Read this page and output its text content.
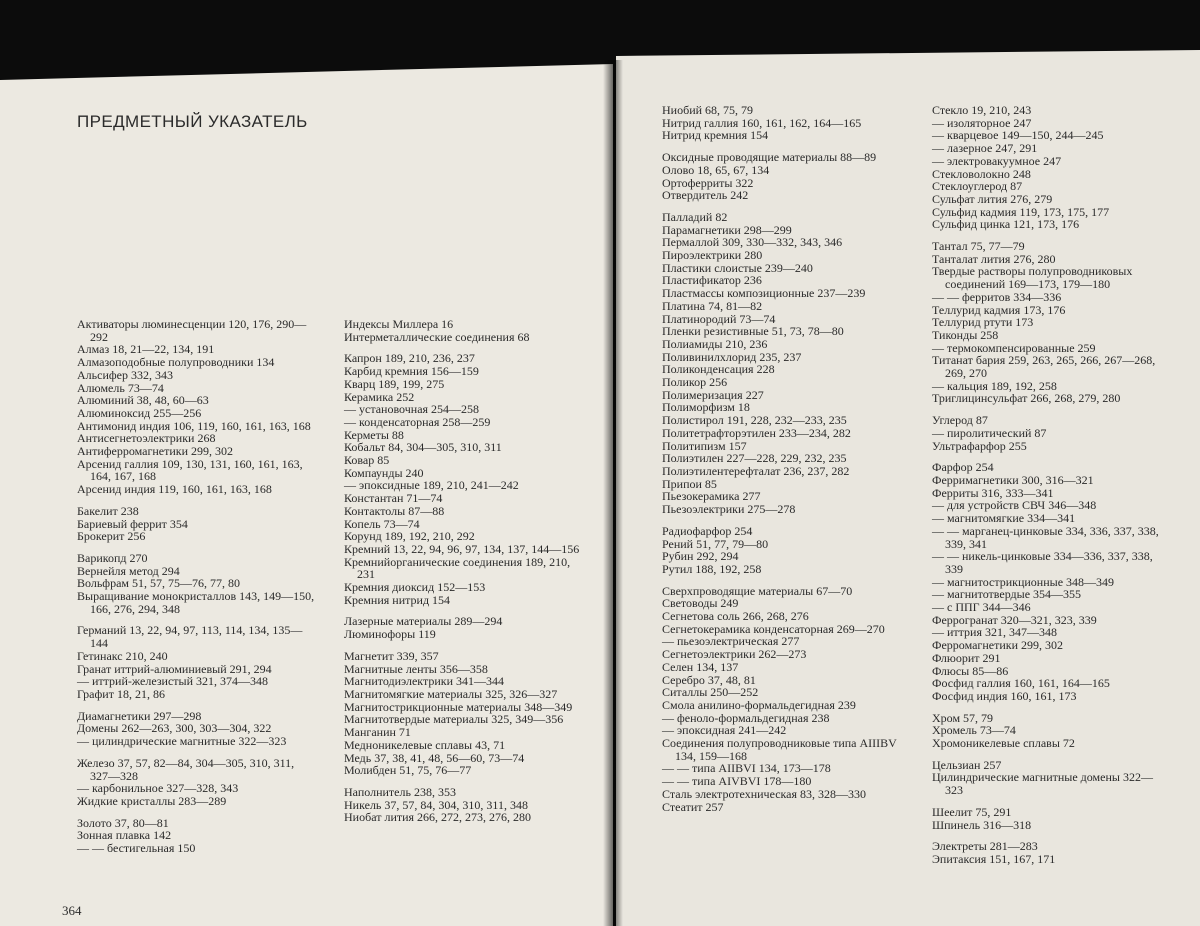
ПРЕДМЕТНЫЙ УКАЗАТЕЛЬ

Активаторы люминесценции 120, 176, 290—292

Алмаз 18, 21—22, 134, 191

Алмазоподобные полупроводники 134

Альсифер 332, 343

Алюмель 73—74

Алюминий 38, 48, 60—63

Алюминоксид 255—256

Антимонид индия 106, 119, 160, 161, 163, 168

Антисегнетоэлектрики 268

Антиферромагнетики 299, 302

Арсенид галлия 109, 130, 131, 160, 161, 163, 164, 167, 168

Арсенид индия 119, 160, 161, 163, 168

Бакелит 238

Бариевый феррит 354

Брокерит 256

Варикопд 270

Вернейля метод 294

Вольфрам 51, 57, 75—76, 77, 80

Выращивание монокристаллов 143, 149—150, 166, 276, 294, 348

Германий 13, 22, 94, 97, 113, 114, 134, 135—144

Гетинакс 210, 240

Гранат иттрий-алюминиевый 291, 294

— иттрий-железистый 321, 374—348

Графит 18, 21, 86

Диамагнетики 297—298

Домены 262—263, 300, 303—304, 322

— цилиндрические магнитные 322—323

Железо 37, 57, 82—84, 304—305, 310, 311, 327—328

— карбонильное 327—328, 343

Жидкие кристаллы 283—289

Золото 37, 80—81

Зонная плавка 142

— — бестигельная 150

Индексы Миллера 16

Интерметаллические соединения 68

Капрон 189, 210, 236, 237

Карбид кремния 156—159

Кварц 189, 199, 275

Керамика 252

— установочная 254—258

— конденсаторная 258—259

Керметы 88

Кобальт 84, 304—305, 310, 311

Ковар 85

Компаунды 240

— эпоксидные 189, 210, 241—242

Константан 71—74

Контактолы 87—88

Копель 73—74

Корунд 189, 192, 210, 292

Кремний 13, 22, 94, 96, 97, 134, 137, 144—156

Кремнийорганические соединения 189, 210, 231

Кремния диоксид 152—153

Кремния нитрид 154

Лазерные материалы 289—294

Люминофоры 119

Магнетит 339, 357

Магнитные ленты 356—358

Магнитодиэлектрики 341—344

Магнитомягкие материалы 325, 326—327

Магнитострикционные материалы 348—349

Магнитотвердые материалы 325, 349—356

Манганин 71

Медноникелевые сплавы 43, 71

Медь 37, 38, 41, 48, 56—60, 73—74

Молибден 51, 75, 76—77

Наполнитель 238, 353

Никель 37, 57, 84, 304, 310, 311, 348

Ниобат лития 266, 272, 273, 276, 280

Ниобий 68, 75, 79

Нитрид галлия 160, 161, 162, 164—165

Нитрид кремния 154

Оксидные проводящие материалы 88—89

Олово 18, 65, 67, 134

Ортоферриты 322

Отвердитель 242

Палладий 82

Парамагнетики 298—299

Пермаллой 309, 330—332, 343, 346

Пироэлектрики 280

Пластики слоистые 239—240

Пластификатор 236

Пластмассы композиционные 237—239

Платина 74, 81—82

Платинородий 73—74

Пленки резистивные 51, 73, 78—80

Полиамиды 210, 236

Поливинилхлорид 235, 237

Поликонденсация 228

Поликор 256

Полимеризация 227

Полиморфизм 18

Полистирол 191, 228, 232—233, 235

Политетрафторэтилен 233—234, 282

Политипизм 157

Полиэтилен 227—228, 229, 232, 235

Полиэтилентерефталат 236, 237, 282

Припои 85

Пьезокерамика 277

Пьезоэлектрики 275—278

Радиофарфор 254

Рений 51, 77, 79—80

Рубин 292, 294

Рутил 188, 192, 258

Сверхпроводящие материалы 67—70

Световоды 249

Сегнетова соль 266, 268, 276

Сегнетокерамика конденсаторная 269—270

— пьезоэлектрическая 277

Сегнетоэлектрики 262—273

Селен 134, 137

Серебро 37, 48, 81

Ситаллы 250—252

Смола анилино-формальдегидная 239

— феноло-формальдегидная 238

— эпоксидная 241—242

Соединения полупроводниковые типа AIIIBV 134, 159—168

— — типа AIIBVI 134, 173—178

— — типа AIVBVI 178—180

Сталь электротехническая 83, 328—330

Стеатит 257

Стекло 19, 210, 243

— изоляторное 247

— кварцевое 149—150, 244—245

— лазерное 247, 291

— электровакуумное 247

Стекловолокно 248

Стеклоуглерод 87

Сульфат лития 276, 279

Сульфид кадмия 119, 173, 175, 177

Сульфид цинка 121, 173, 176

Тантал 75, 77—79

Танталат лития 276, 280

Твердые растворы полупроводниковых соединений 169—173, 179—180

— — ферритов 334—336

Теллурид кадмия 173, 176

Теллурид ртути 173

Тиконды 258

— термокомпенсированные 259

Титанат бария 259, 263, 265, 266, 267—268, 269, 270

— кальция 189, 192, 258

Триглицинсульфат 266, 268, 279, 280

Углерод 87

— пиролитический 87

Ультрафарфор 255

Фарфор 254

Ферримагнетики 300, 316—321

Ферриты 316, 333—341

— для устройств СВЧ 346—348

— магнитомягкие 334—341

— — марганец-цинковые 334, 336, 337, 338, 339, 341

— — никель-цинковые 334—336, 337, 338, 339

— магнитострикционные 348—349

— магнитотвердые 354—355

— с ППГ 344—346

Феррогранат 320—321, 323, 339

— иттрия 321, 347—348

Ферромагнетики 299, 302

Флюорит 291

Флюсы 85—86

Фосфид галлия 160, 161, 164—165

Фосфид индия 160, 161, 173

Хром 57, 79

Хромель 73—74

Хромоникелевые сплавы 72

Цельзиан 257

Цилиндрические магнитные домены 322—323

Шеелит 75, 291

Шпинель 316—318

Электреты 281—283

Эпитаксия 151, 167, 171

364
